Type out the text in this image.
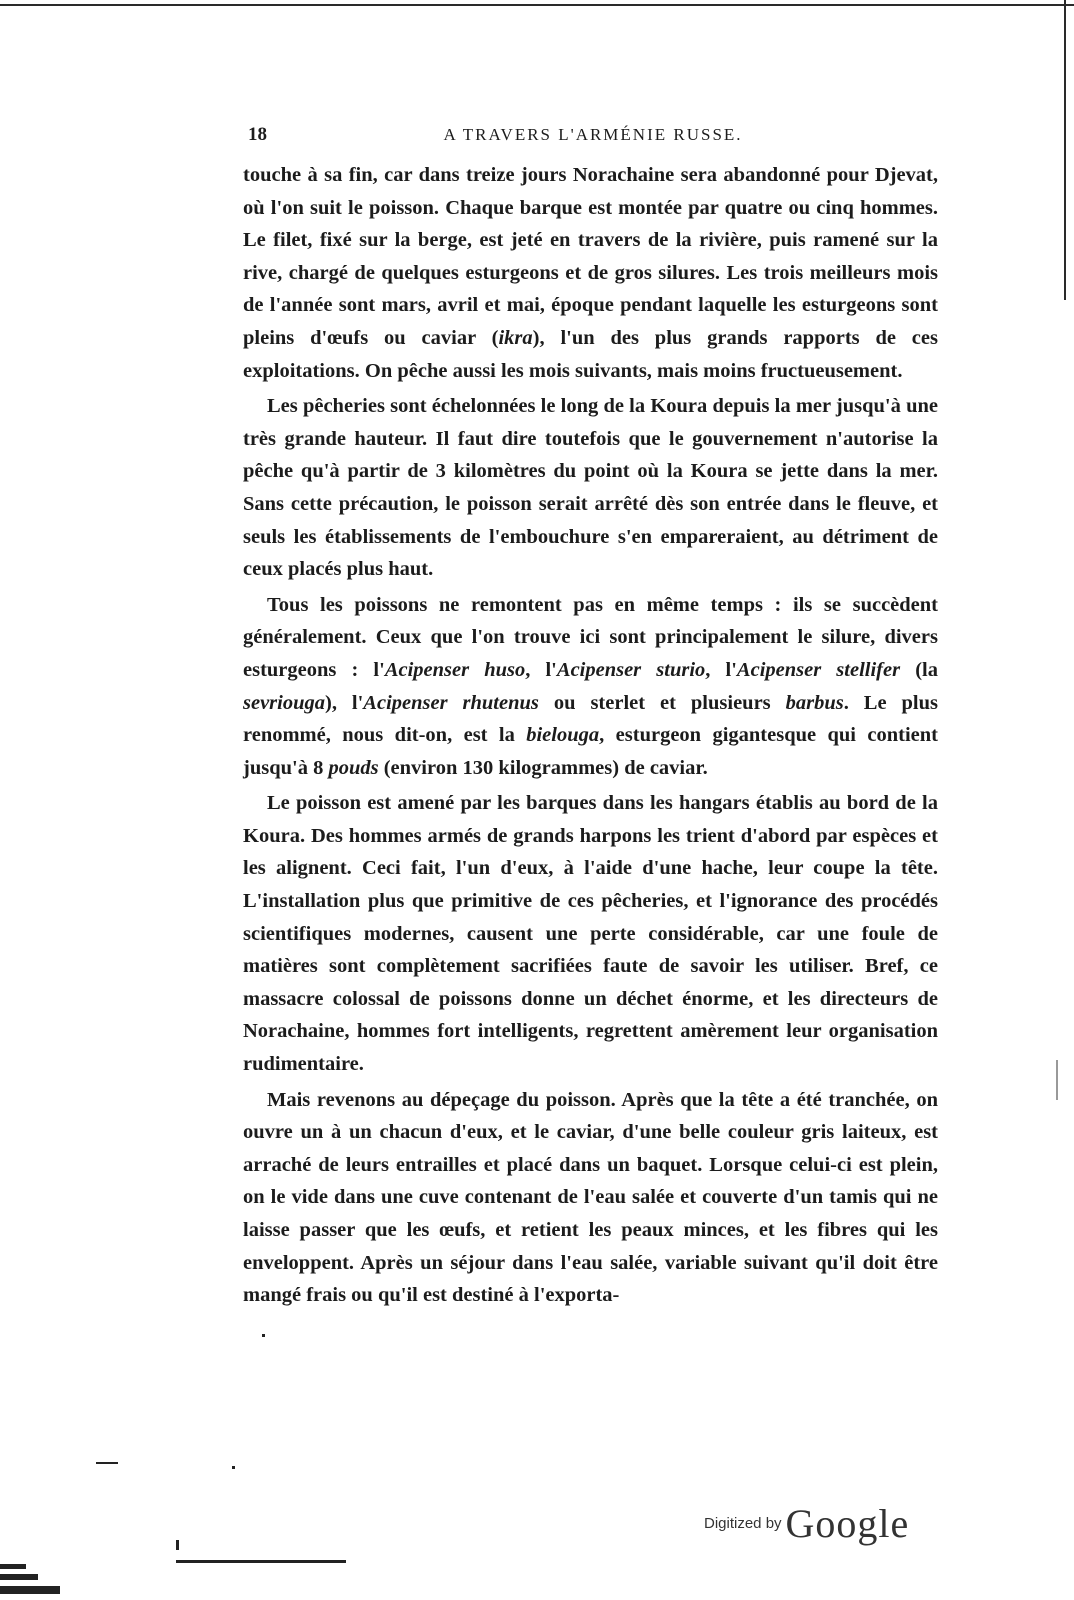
18	A TRAVERS L'ARMÉNIE RUSSE.

touche à sa fin, car dans treize jours Norachaine sera abandonné pour Djevat, où l'on suit le poisson. Chaque barque est montée par quatre ou cinq hommes. Le filet, fixé sur la berge, est jeté en travers de la rivière, puis ramené sur la rive, chargé de quelques esturgeons et de gros silures. Les trois meilleurs mois de l'année sont mars, avril et mai, époque pendant laquelle les esturgeons sont pleins d'œufs ou caviar (ikra), l'un des plus grands rapports de ces exploitations. On pêche aussi les mois suivants, mais moins fructueusement.

Les pêcheries sont échelonnées le long de la Koura depuis la mer jusqu'à une très grande hauteur. Il faut dire toutefois que le gouvernement n'autorise la pêche qu'à partir de 3 kilomètres du point où la Koura se jette dans la mer. Sans cette précaution, le poisson serait arrêté dès son entrée dans le fleuve, et seuls les établissements de l'embouchure s'en empareraient, au détriment de ceux placés plus haut.

Tous les poissons ne remontent pas en même temps : ils se succèdent généralement. Ceux que l'on trouve ici sont principalement le silure, divers esturgeons : l'Acipenser huso, l'Acipenser sturio, l'Acipenser stellifer (la sevriouga), l'Acipenser rhutenus ou sterlet et plusieurs barbus. Le plus renommé, nous dit-on, est la bielouga, esturgeon gigantesque qui contient jusqu'à 8 pouds (environ 130 kilogrammes) de caviar.

Le poisson est amené par les barques dans les hangars établis au bord de la Koura. Des hommes armés de grands harpons les trient d'abord par espèces et les alignent. Ceci fait, l'un d'eux, à l'aide d'une hache, leur coupe la tête. L'installation plus que primitive de ces pêcheries, et l'ignorance des procédés scientifiques modernes, causent une perte considérable, car une foule de matières sont complètement sacrifiées faute de savoir les utiliser. Bref, ce massacre colossal de poissons donne un déchet énorme, et les directeurs de Norachaine, hommes fort intelligents, regrettent amèrement leur organisation rudimentaire.

Mais revenons au dépeçage du poisson. Après que la tête a été tranchée, on ouvre un à un chacun d'eux, et le caviar, d'une belle couleur gris laiteux, est arraché de leurs entrailles et placé dans un baquet. Lorsque celui-ci est plein, on le vide dans une cuve contenant de l'eau salée et couverte d'un tamis qui ne laisse passer que les œufs, et retient les peaux minces, et les fibres qui les enveloppent. Après un séjour dans l'eau salée, variable suivant qu'il doit être mangé frais ou qu'il est destiné à l'exporta-

Digitized by Google
